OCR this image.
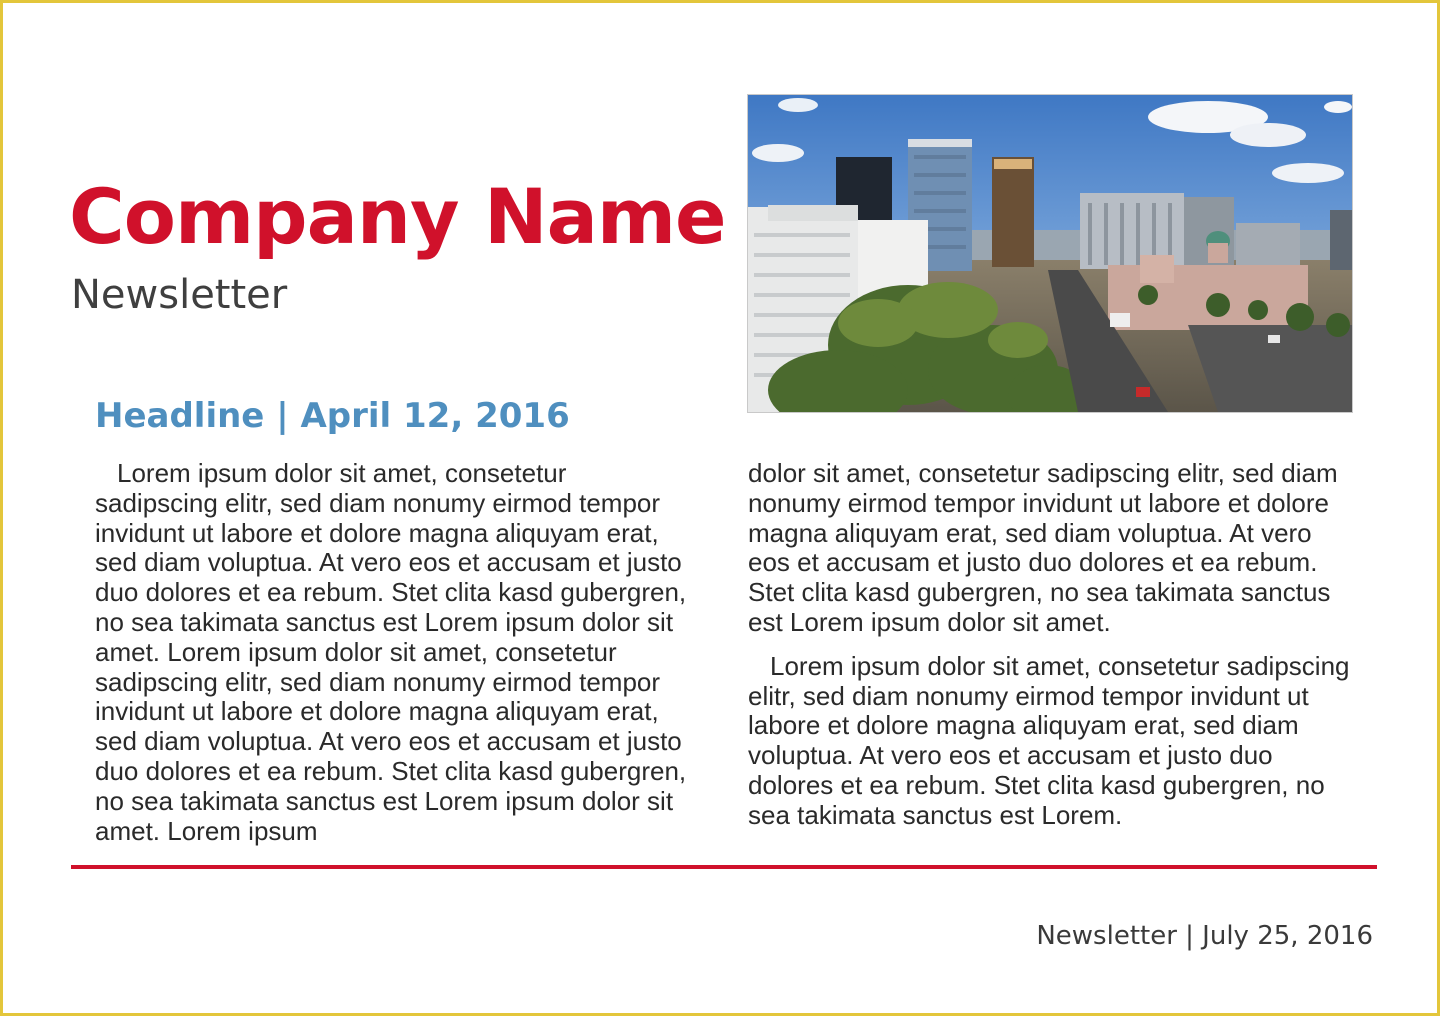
Company Name
Newsletter
Headline | April 12, 2016

Lorem ipsum dolor sit amet, consetetur sadipscing elitr, sed diam nonumy eirmod tempor invidunt ut labore et dolore magna aliquyam erat, sed diam voluptua. At vero eos et accusam et justo duo dolores et ea rebum. Stet clita kasd gubergren, no sea takimata sanctus est Lorem ipsum dolor sit amet. Lorem ipsum dolor sit amet, consetetur sadipscing elitr, sed diam nonumy eirmod tempor invidunt ut labore et dolore magna aliquyam erat, sed diam voluptua. At vero eos et accusam et justo duo dolores et ea rebum. Stet clita kasd gubergren, no sea takimata sanctus est Lorem ipsum dolor sit amet. Lorem ipsum

dolor sit amet, consetetur sadipscing elitr, sed diam nonumy eirmod tempor invidunt ut labore et dolore magna aliquyam erat, sed diam voluptua. At vero eos et accusam et justo duo dolores et ea rebum. Stet clita kasd gubergren, no sea takimata sanctus est Lorem ipsum dolor sit amet.

Lorem ipsum dolor sit amet, consetetur sadipscing elitr, sed diam nonumy eirmod tempor invidunt ut labore et dolore magna aliquyam erat, sed diam voluptua. At vero eos et accusam et justo duo dolores et ea rebum. Stet clita kasd gubergren, no sea takimata sanctus est Lorem.

Newsletter | July 25, 2016
